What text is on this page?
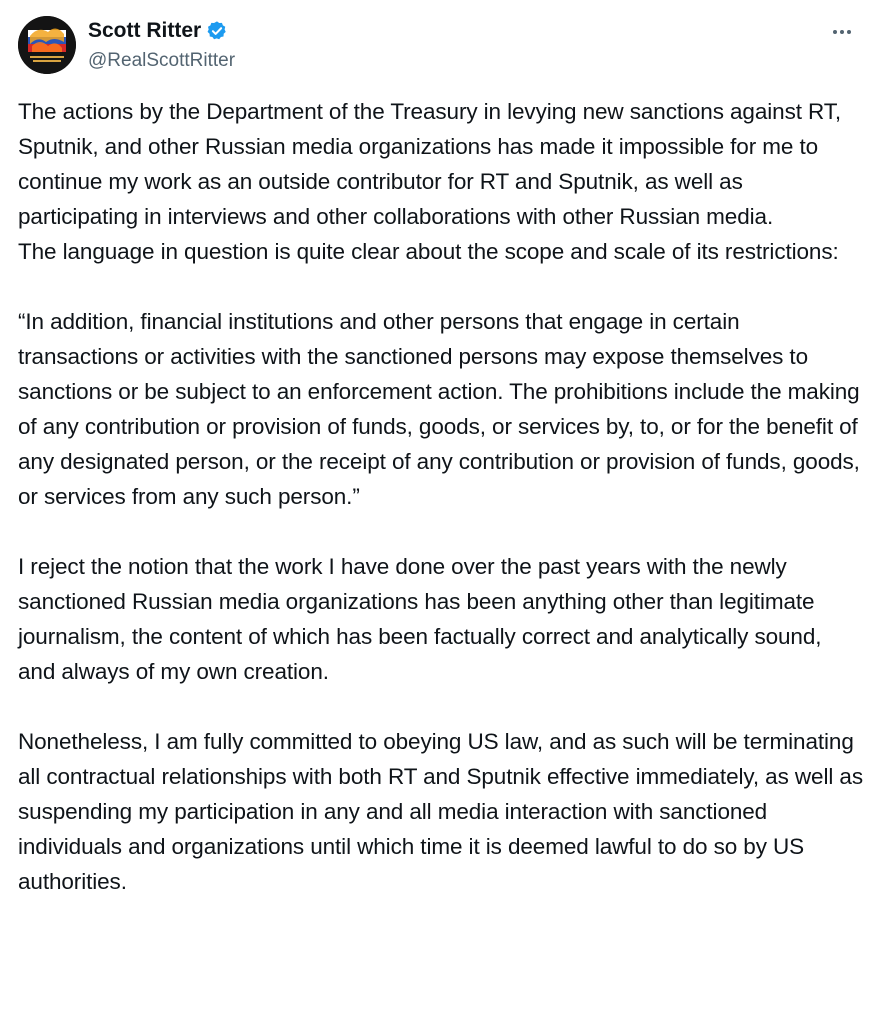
Scott Ritter
@RealScottRitter

The actions by the Department of the Treasury in levying new sanctions against RT, Sputnik, and other Russian media organizations has made it impossible for me to continue my work as an outside contributor for RT and Sputnik, as well as participating in interviews and other collaborations with other Russian media.

The language in question is quite clear about the scope and scale of its restrictions:

“In addition, financial institutions and other persons that engage in certain transactions or activities with the sanctioned persons may expose themselves to sanctions or be subject to an enforcement action. The prohibitions include the making of any contribution or provision of funds, goods, or services by, to, or for the benefit of any designated person, or the receipt of any contribution or provision of funds, goods, or services from any such person.”

I reject the notion that the work I have done over the past years with the newly sanctioned Russian media organizations has been anything other than legitimate journalism, the content of which has been factually correct and analytically sound, and always of my own creation.

Nonetheless, I am fully committed to obeying US law, and as such will be terminating all contractual relationships with both RT and Sputnik effective immediately, as well as suspending my participation in any and all media interaction with sanctioned individuals and organizations until which time it is deemed lawful to do so by US authorities.
